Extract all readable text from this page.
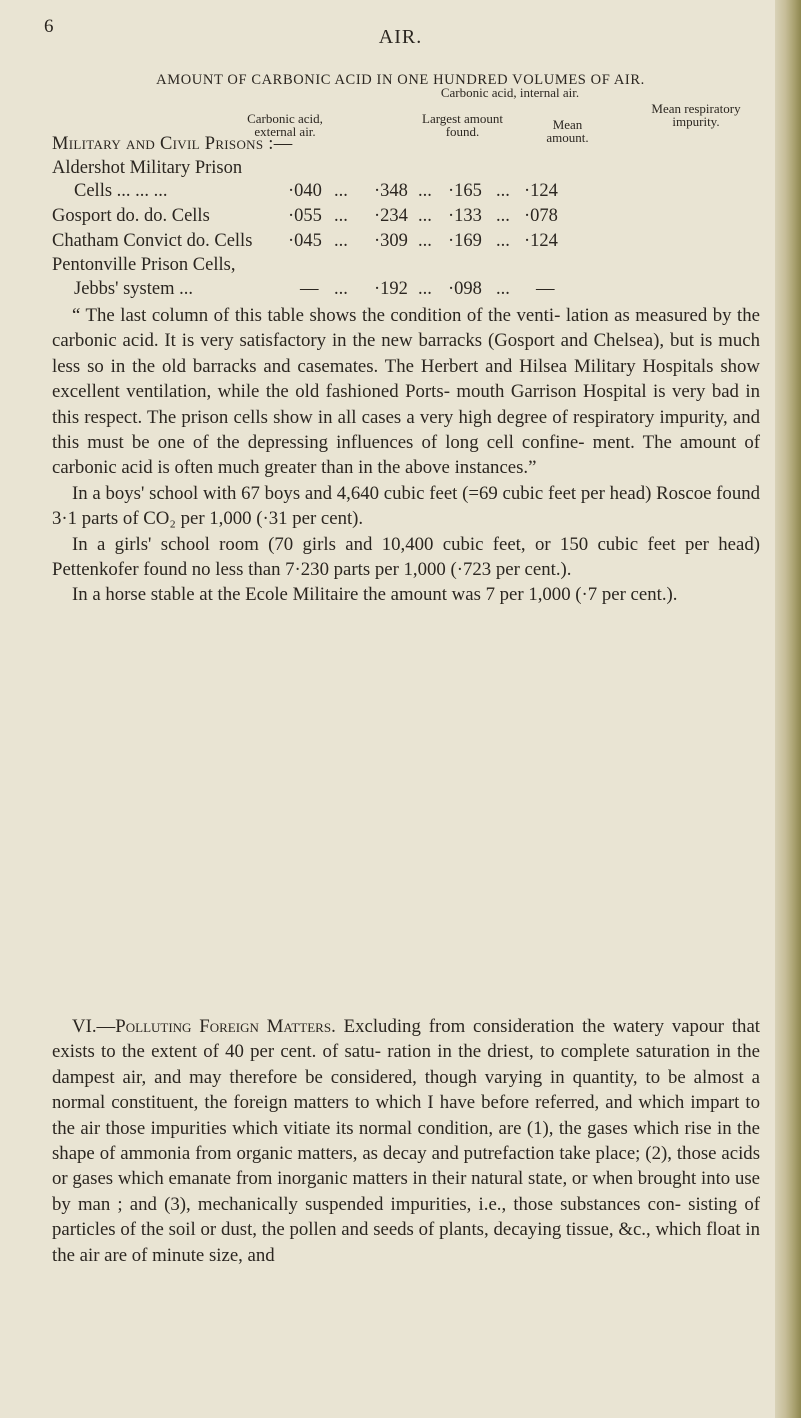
6	AIR.
AMOUNT OF CARBONIC ACID IN ONE HUNDRED VOLUMES OF AIR.
Carbonic acid, external air.
Carbonic acid, internal air.
Largest amount found.	Mean amount.
Mean respiratory impurity.
Military and Civil Prisons :—
Aldershot Military Prison
Cells ... ... ...	·040 ... ·348 ... ·165 ... ·124
Gosport do. do. Cells	·055 ... ·234 ... ·133 ... ·078
Chatham Convict do. Cells ·045 ... ·309 ... ·169 ... ·124
Pentonville Prison Cells,
Jebbs' system ...	— ... ·192 ... ·098 ... —

“ The last column of this table shows the condition of the venti- lation as measured by the carbonic acid. It is very satisfactory in the new barracks (Gosport and Chelsea), but is much less so in the old barracks and casemates. The Herbert and Hilsea Military Hospitals show excellent ventilation, while the old fashioned Ports- mouth Garrison Hospital is very bad in this respect. The prison cells show in all cases a very high degree of respiratory impurity, and this must be one of the depressing influences of long cell confine- ment. The amount of carbonic acid is often much greater than in the above instances.”

In a boys' school with 67 boys and 4,640 cubic feet (=69 cubic feet per head) Roscoe found 3·1 parts of CO₂ per 1,000 (·31 per cent).

In a girls' school room (70 girls and 10,400 cubic feet, or 150 cubic feet per head) Pettenkofer found no less than 7·230 parts per 1,000 (·723 per cent.).

In a horse stable at the Ecole Militaire the amount was 7 per 1,000 (·7 per cent.).

VI.—Polluting Foreign Matters. Excluding from consideration the watery vapour that exists to the extent of 40 per cent. of satu- ration in the driest, to complete saturation in the dampest air, and may therefore be considered, though varying in quantity, to be almost a normal constituent, the foreign matters to which I have before referred, and which impart to the air those impurities which vitiate its normal condition, are (1), the gases which rise in the shape of ammonia from organic matters, as decay and putrefaction take place; (2), those acids or gases which emanate from inorganic matters in their natural state, or when brought into use by man ; and (3), mechanically suspended impurities, i.e., those substances con- sisting of particles of the soil or dust, the pollen and seeds of plants, decaying tissue, &c., which float in the air are of minute size, and
